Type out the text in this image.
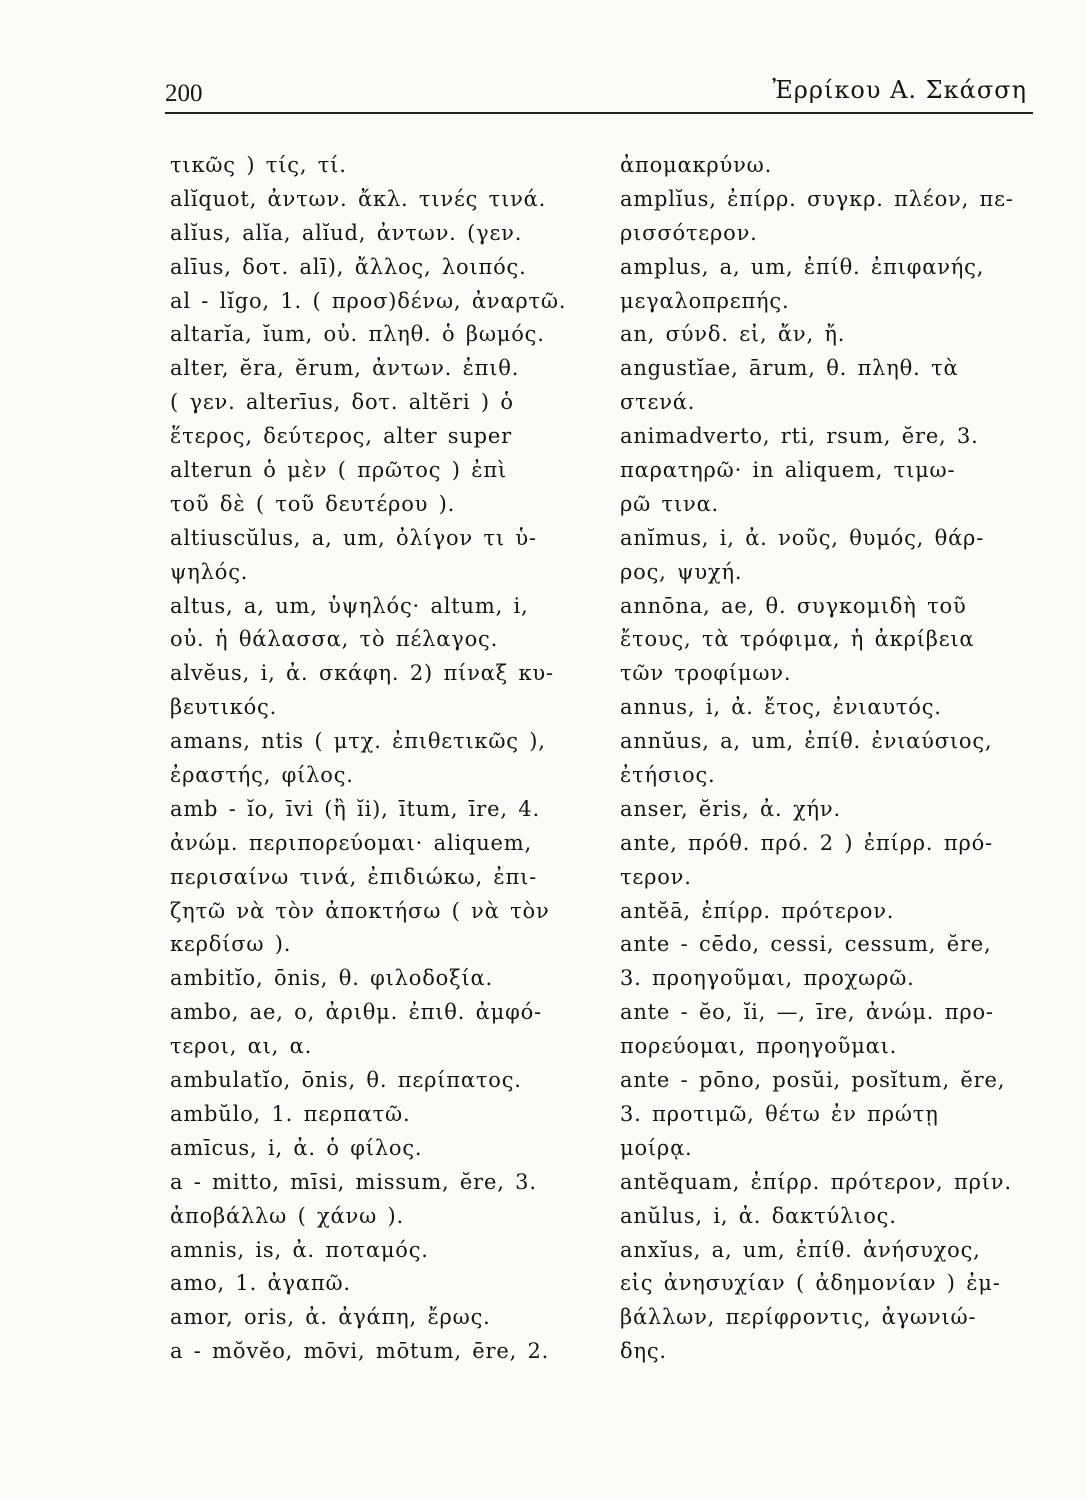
200	Ἐρρίκου Α. Σκάσση
τικῶς ) τίς, τί.
alĭquot, ἀντων. ἄκλ. τινές τινά.
alĭus, alĭa, alĭud, ἀντων. (γεν.
alīus, δοτ. alī), ἄλλος, λοιπός.
al - lĭgo, 1. ( προσ)δένω, ἀναρτῶ.
altarĭa, ĭum, οὐ. πληθ. ὁ βωμός.
alter, ĕra, ĕrum, ἀντων. ἐπιθ.
( γεν. alterīus, δοτ. altĕri ) ὁ
ἕτερος, δεύτερος, alter super
alterun ὁ μὲν ( πρῶτος ) ἐπὶ
τοῦ δὲ ( τοῦ δευτέρου ).
altiuscŭlus, a, um, ὀλίγον τι ὑ-
ψηλός.
altus, a, um, ὑψηλός· altum, i,
οὐ. ἡ θάλασσα, τὸ πέλαγος.
alvĕus, i, ἀ. σκάφη. 2) πίναξ κυ-
βευτικός.
amans, ntis ( μτχ. ἐπιθετικῶς ),
ἐραστής, φίλος.
amb - ĭo, īvi (ἢ ĭi), ītum, īre, 4.
ἀνώμ. περιπορεύομαι· aliquem,
περισαίνω τινά, ἐπιδιώκω, ἐπι-
ζητῶ νὰ τὸν ἀποκτήσω ( νὰ τὸν
κερδίσω ).
ambitĭo, ōnis, θ. φιλοδοξία.
ambo, ae, o, ἀριθμ. ἐπιθ. ἀμφό-
τεροι, αι, α.
ambulatĭo, ōnis, θ. περίπατος.
ambŭlo, 1. περπατῶ.
amīcus, i, ἀ. ὁ φίλος.
a - mitto, mīsi, missum, ĕre, 3.
ἀποβάλλω ( χάνω ).
amnis, is, ἀ. ποταμός.
amo, 1. ἀγαπῶ.
amor, oris, ἀ. ἀγάπη, ἔρως.
a - mŏvĕo, mōvi, mōtum, ēre, 2.
ἀπομακρύνω.
amplĭus, ἐπίρρ. συγκρ. πλέον, πε-
ρισσότερον.
amplus, a, um, ἐπίθ. ἐπιφανής,
μεγαλοπρεπής.
an, σύνδ. εἰ, ἄν, ἤ.
angustĭae, ārum, θ. πληθ. τὰ
στενά.
animadverto, rti, rsum, ĕre, 3.
παρατηρῶ· in aliquem, τιμω-
ρῶ τινα.
anĭmus, i, ἀ. νοῦς, θυμός, θάρ-
ρος, ψυχή.
annōna, ae, θ. συγκομιδὴ τοῦ
ἔτους, τὰ τρόφιμα, ἡ ἀκρίβεια
τῶν τροφίμων.
annus, i, ἀ. ἔτος, ἐνιαυτός.
annŭus, a, um, ἐπίθ. ἐνιαύσιος,
ἐτήσιος.
anser, ĕris, ἀ. χήν.
ante, πρόθ. πρό. 2 ) ἐπίρρ. πρό-
τερον.
antĕā, ἐπίρρ. πρότερον.
ante - cēdo, cessi, cessum, ĕre,
3. προηγοῦμαι, προχωρῶ.
ante - ĕo, ĭi, —, īre, ἀνώμ. προ-
πορεύομαι, προηγοῦμαι.
ante - pōno, posŭi, posĭtum, ĕre,
3. προτιμῶ, θέτω ἐν πρώτῃ
μοίρᾳ.
antĕquam, ἐπίρρ. πρότερον, πρίν.
anŭlus, i, ἀ. δακτύλιος.
anxĭus, a, um, ἐπίθ. ἀνήσυχος,
εἰς ἀνησυχίαν ( ἀδημονίαν ) ἐμ-
βάλλων, περίφροντις, ἀγωνιώ-
δης.
